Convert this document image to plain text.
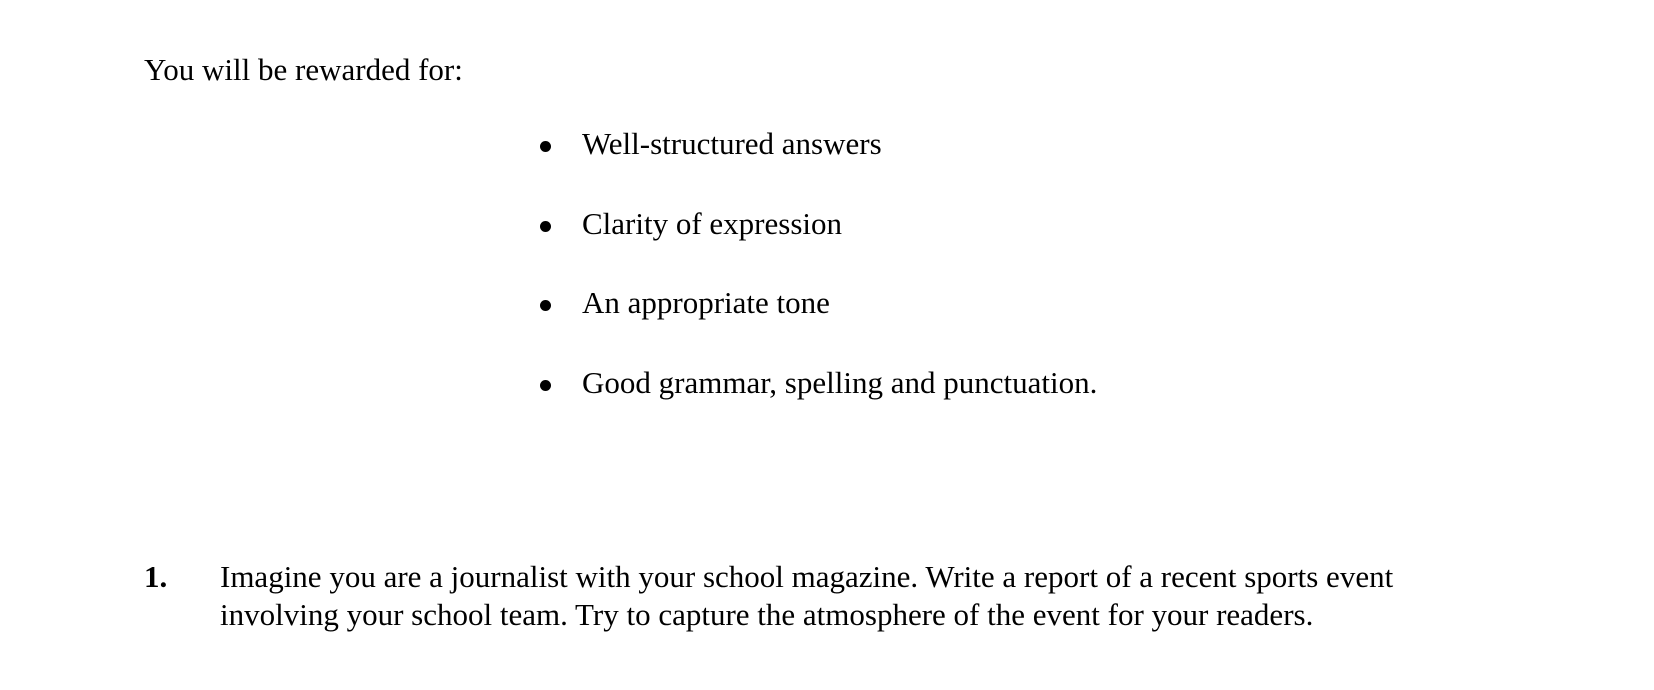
You will be rewarded for:

Well-structured answers
Clarity of expression
An appropriate tone
Good grammar, spelling and punctuation.
1. Imagine you are a journalist with your school magazine. Write a report of a recent sports event
involving your school team. Try to capture the atmosphere of the event for your readers.
